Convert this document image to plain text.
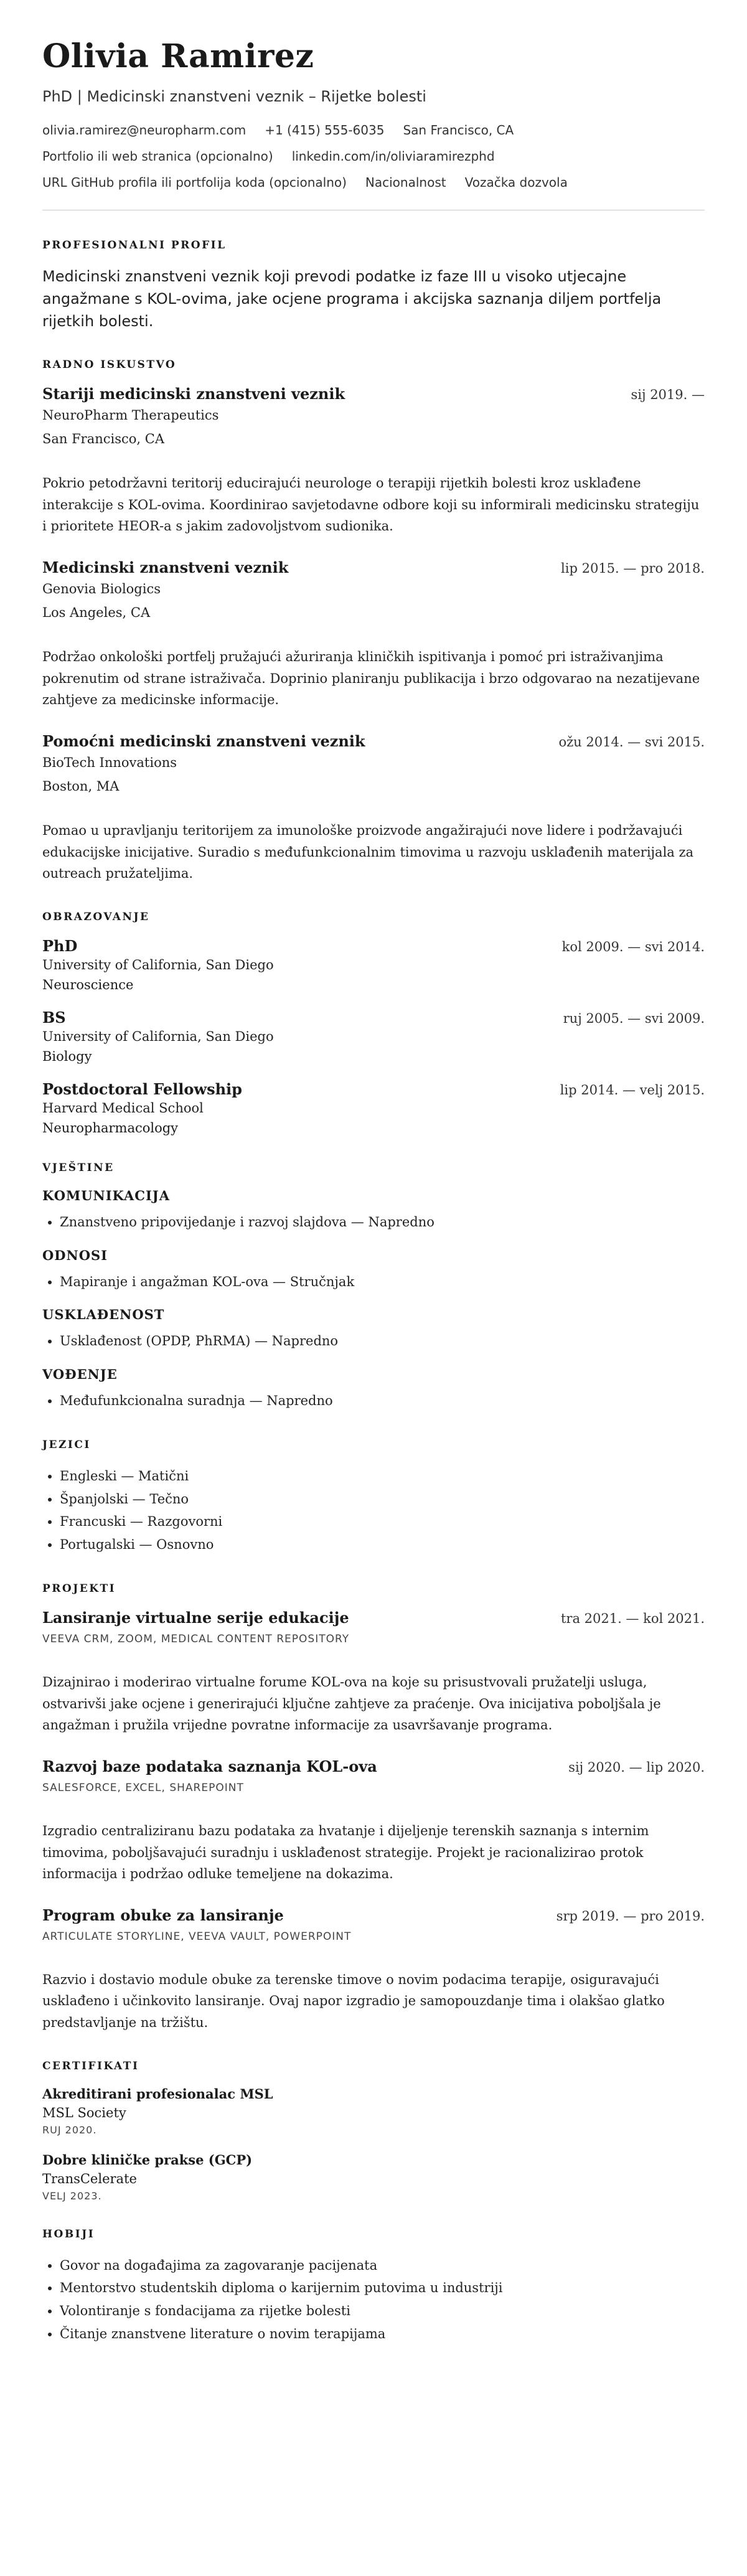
Olivia Ramirez
PhD | Medicinski znanstveni veznik – Rijetke bolesti
olivia.ramirez@neuropharm.com +1 (415) 555-6035 San Francisco, CA
Portfolio ili web stranica (opcionalno) linkedin.com/in/oliviaramirezphd
URL GitHub profila ili portfolija koda (opcionalno) Nacionalnost Vozačka dozvola
PROFESIONALNI PROFIL

Medicinski znanstveni veznik koji prevodi podatke iz faze III u visoko utjecajne angažmane s KOL-ovima, jake ocjene programa i akcijska saznanja diljem portfelja rijetkih bolesti.

RADNO ISKUSTVO
Stariji medicinski znanstveni veznik	sij 2019. —
NeuroPharm Therapeutics
San Francisco, CA
Pokrio petodržavni teritorij educirajući neurologe o terapiji rijetkih bolesti kroz usklađene interakcije s KOL-ovima. Koordinirao savjetodavne odbore koji su informirali medicinsku strategiju i prioritete HEOR-a s jakim zadovoljstvom sudionika.
Medicinski znanstveni veznik	lip 2015. — pro 2018.
Genovia Biologics
Los Angeles, CA
Podržao onkološki portfelj pružajući ažuriranja kliničkih ispitivanja i pomoć pri istraživanjima pokrenutim od strane istraživača. Doprinio planiranju publikacija i brzo odgovarao na nezatijevane zahtjeve za medicinske informacije.
Pomoćni medicinski znanstveni veznik	ožu 2014. — svi 2015.
BioTech Innovations
Boston, MA
Pomao u upravljanju teritorijem za imunološke proizvode angažirajući nove lidere i podržavajući edukacijske inicijative. Suradio s međufunkcionalnim timovima u razvoju usklađenih materijala za outreach pružateljima.
OBRAZOVANJE
PhD	kol 2009. — svi 2014.
University of California, San Diego
Neuroscience
BS	ruj 2005. — svi 2009.
University of California, San Diego
Biology
Postdoctoral Fellowship	lip 2014. — velj 2015.
Harvard Medical School
Neuropharmacology
VJEŠTINE
KOMUNIKACIJA
• Znanstveno pripovijedanje i razvoj slajdova — Napredno
ODNOSI
• Mapiranje i angažman KOL-ova — Stručnjak
USKLAĐENOST
• Usklađenost (OPDP, PhRMA) — Napredno
VOĐENJE
• Međufunkcionalna suradnja — Napredno
JEZICI
• Engleski — Matični
• Španjolski — Tečno
• Francuski — Razgovorni
• Portugalski — Osnovno
PROJEKTI
Lansiranje virtualne serije edukacije	tra 2021. — kol 2021.
VEEVA CRM, ZOOM, MEDICAL CONTENT REPOSITORY
Dizajnirao i moderirao virtualne forume KOL-ova na koje su prisustvovali pružatelji usluga, ostvarivši jake ocjene i generirajući ključne zahtjeve za praćenje. Ova inicijativa poboljšala je angažman i pružila vrijedne povratne informacije za usavršavanje programa.
Razvoj baze podataka saznanja KOL-ova	sij 2020. — lip 2020.
SALESFORCE, EXCEL, SHAREPOINT
Izgradio centraliziranu bazu podataka za hvatanje i dijeljenje terenskih saznanja s internim timovima, poboljšavajući suradnju i usklađenost strategije. Projekt je racionalizirao protok informacija i podržao odluke temeljene na dokazima.
Program obuke za lansiranje	srp 2019. — pro 2019.
ARTICULATE STORYLINE, VEEVA VAULT, POWERPOINT
Razvio i dostavio module obuke za terenske timove o novim podacima terapije, osiguravajući usklađeno i učinkovito lansiranje. Ovaj napor izgradio je samopouzdanje tima i olakšao glatko predstavljanje na tržištu.
CERTIFIKATI
Akreditirani profesionalac MSL
MSL Society
RUJ 2020.
Dobre kliničke prakse (GCP)
TransCelerate
VELJ 2023.
HOBIJI
• Govor na događajima za zagovaranje pacijenata
• Mentorstvo studentskih diploma o karijernim putovima u industriji
• Volontiranje s fondacijama za rijetke bolesti
• Čitanje znanstvene literature o novim terapijama
